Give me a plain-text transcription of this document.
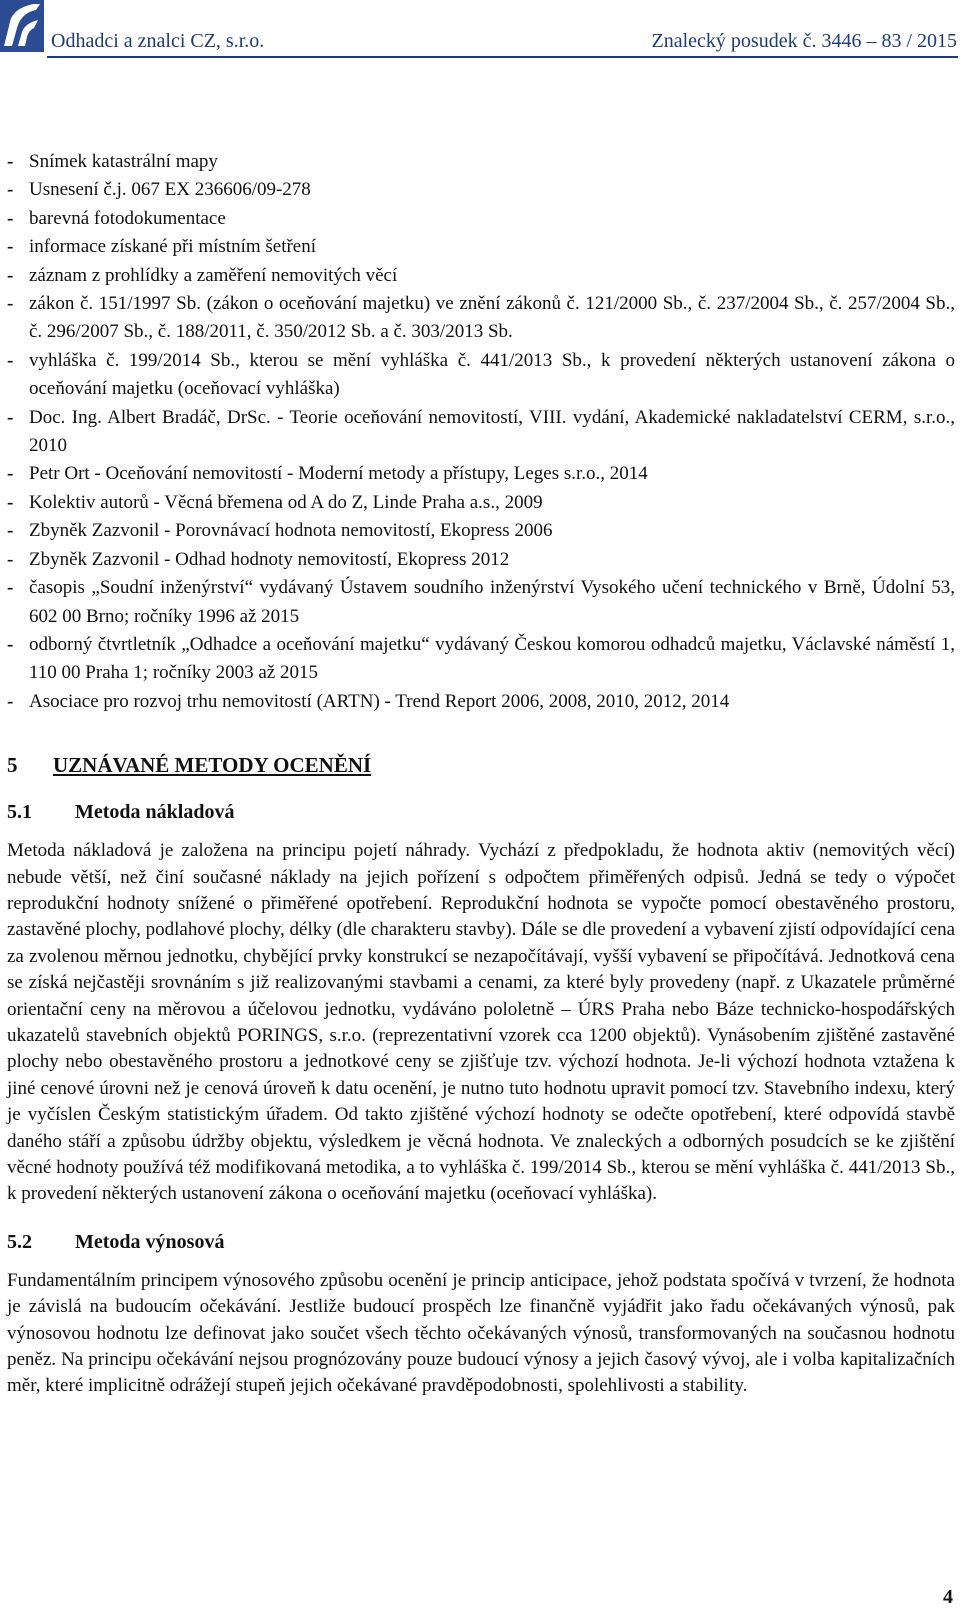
Odhadci a znalci CZ, s.r.o.	Znalecký posudek č. 3446 – 83 / 2015
- Snímek katastrální mapy
- Usnesení č.j. 067 EX 236606/09-278
- barevná fotodokumentace
- informace získané při místním šetření
- záznam z prohlídky a zaměření nemovitých věcí
- zákon č. 151/1997 Sb. (zákon o oceňování majetku) ve znění zákonů č. 121/2000 Sb., č. 237/2004 Sb., č. 257/2004 Sb., č. 296/2007 Sb., č. 188/2011, č. 350/2012 Sb. a č. 303/2013 Sb.
- vyhláška č. 199/2014 Sb., kterou se mění vyhláška č. 441/2013 Sb., k provedení některých ustanovení zákona o oceňování majetku (oceňovací vyhláška)
- Doc. Ing. Albert Bradáč, DrSc. - Teorie oceňování nemovitostí, VIII. vydání, Akademické nakladatelství CERM, s.r.o., 2010
- Petr Ort - Oceňování nemovitostí - Moderní metody a přístupy, Leges s.r.o., 2014
- Kolektiv autorů - Věcná břemena od A do Z, Linde Praha a.s., 2009
- Zbyněk Zazvonil - Porovnávací hodnota nemovitostí, Ekopress 2006
- Zbyněk Zazvonil - Odhad hodnoty nemovitostí, Ekopress 2012
- časopis „Soudní inženýrství“ vydávaný Ústavem soudního inženýrství Vysokého učení technického v Brně, Údolní 53, 602 00 Brno; ročníky 1996 až 2015
- odborný čtvrtletník „Odhadce a oceňování majetku“ vydávaný Českou komorou odhadců majetku, Václavské náměstí 1, 110 00 Praha 1; ročníky 2003 až 2015
- Asociace pro rozvoj trhu nemovitostí (ARTN) - Trend Report 2006, 2008, 2010, 2012, 2014
5	UZNÁVANÉ METODY OCENĚNÍ
5.1	Metoda nákladová

Metoda nákladová je založena na principu pojetí náhrady. Vychází z předpokladu, že hodnota aktiv (nemovitých věcí) nebude větší, než činí současné náklady na jejich pořízení s odpočtem přiměřených odpisů. Jedná se tedy o výpočet reprodukční hodnoty snížené o přiměřené opotřebení. Reprodukční hodnota se vypočte pomocí obestavěného prostoru, zastavěné plochy, podlahové plochy, délky (dle charakteru stavby). Dále se dle provedení a vybavení zjistí odpovídající cena za zvolenou měrnou jednotku, chybějící prvky konstrukcí se nezapočítávají, vyšší vybavení se připočítává. Jednotková cena se získá nejčastěji srovnáním s již realizovanými stavbami a cenami, za které byly provedeny (např. z Ukazatele průměrné orientační ceny na měrovou a účelovou jednotku, vydáváno pololetně – ÚRS Praha nebo Báze technicko-hospodářských ukazatelů stavebních objektů PORINGS, s.r.o. (reprezentativní vzorek cca 1200 objektů). Vynásobením zjištěné zastavěné plochy nebo obestavěného prostoru a jednotkové ceny se zjišťuje tzv. výchozí hodnota. Je-li výchozí hodnota vztažena k jiné cenové úrovni než je cenová úroveň k datu ocenění, je nutno tuto hodnotu upravit pomocí tzv. Stavebního indexu, který je vyčíslen Českým statistickým úřadem. Od takto zjištěné výchozí hodnoty se odečte opotřebení, které odpovídá stavbě daného stáří a způsobu údržby objektu, výsledkem je věcná hodnota. Ve znaleckých a odborných posudcích se ke zjištění věcné hodnoty používá též modifikovaná metodika, a to vyhláška č. 199/2014 Sb., kterou se mění vyhláška č. 441/2013 Sb., k provedení některých ustanovení zákona o oceňování majetku (oceňovací vyhláška).

5.2	Metoda výnosová

Fundamentálním principem výnosového způsobu ocenění je princip anticipace, jehož podstata spočívá v tvrzení, že hodnota je závislá na budoucím očekávání. Jestliže budoucí prospěch lze finančně vyjádřit jako řadu očekávaných výnosů, pak výnosovou hodnotu lze definovat jako součet všech těchto očekávaných výnosů, transformovaných na současnou hodnotu peněz. Na principu očekávání nejsou prognózovány pouze budoucí výnosy a jejich časový vývoj, ale i volba kapitalizačních měr, které implicitně odrážejí stupeň jejich očekávané pravděpodobnosti, spolehlivosti a stability.

4
